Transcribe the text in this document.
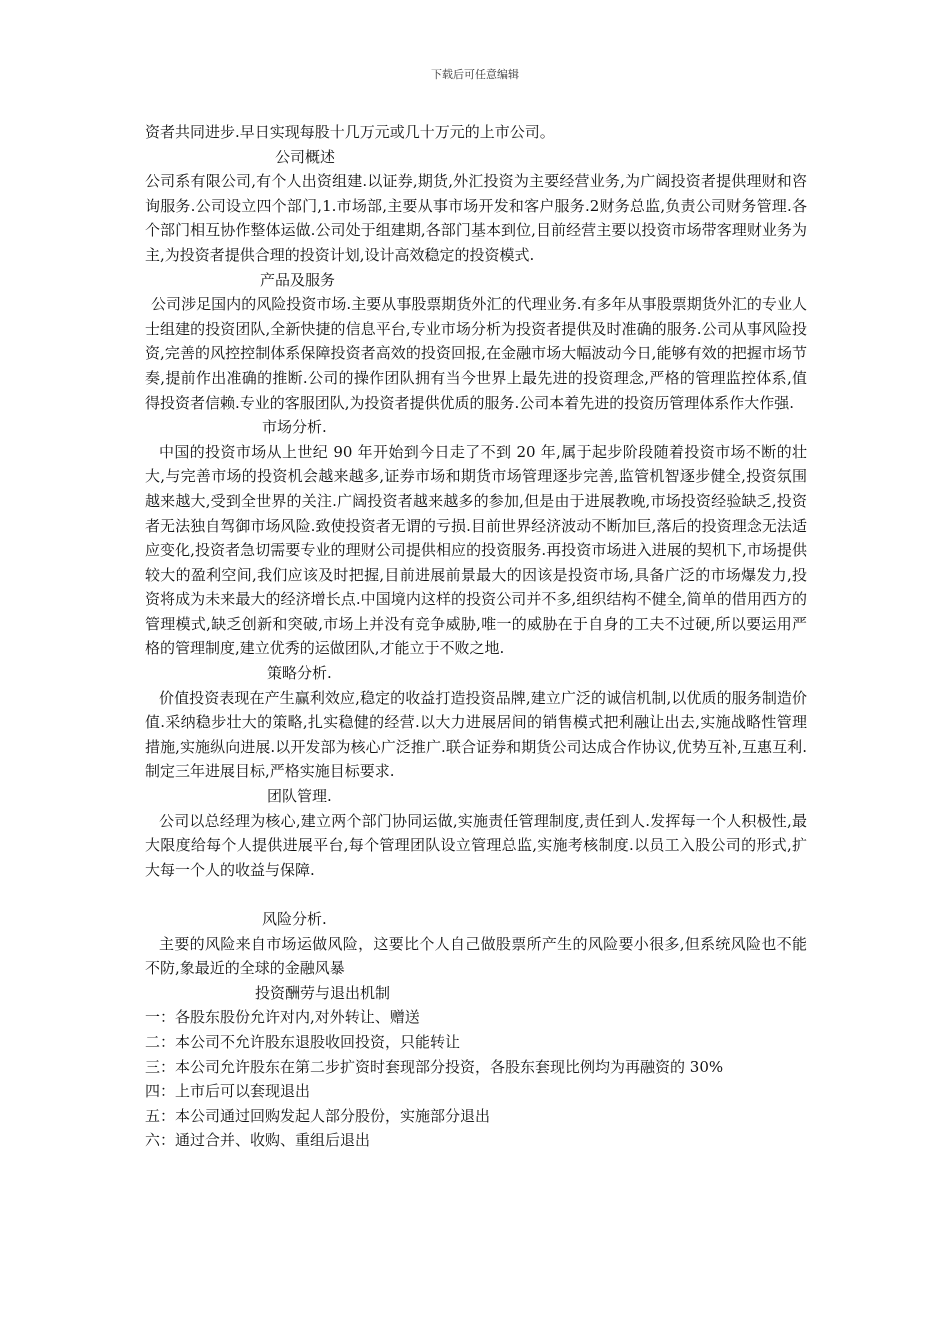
下载后可任意编辑

资者共同进步.早日实现每股十几万元或几十万元的上市公司。

公司概述

公司系有限公司,有个人出资组建.以证券,期货,外汇投资为主要经营业务,为广阔投资者提供理财和咨询服务.公司设立四个部门,1.市场部,主要从事市场开发和客户服务.2财务总监,负责公司财务管理.各个部门相互协作整体运做.公司处于组建期,各部门基本到位,目前经营主要以投资市场带客理财业务为主,为投资者提供合理的投资计划,设计高效稳定的投资模式.

产品及服务

公司涉足国内的风险投资市场.主要从事股票期货外汇的代理业务.有多年从事股票期货外汇的专业人士组建的投资团队,全新快捷的信息平台,专业市场分析为投资者提供及时准确的服务.公司从事风险投资,完善的风控控制体系保障投资者高效的投资回报,在金融市场大幅波动今日,能够有效的把握市场节奏,提前作出准确的推断.公司的操作团队拥有当今世界上最先进的投资理念,严格的管理监控体系,值得投资者信赖.专业的客服团队,为投资者提供优质的服务.公司本着先进的投资历管理体系作大作强.

市场分析.

中国的投资市场从上世纪 90 年开始到今日走了不到 20 年,属于起步阶段随着投资市场不断的壮大,与完善市场的投资机会越来越多,证券市场和期货市场管理逐步完善,监管机智逐步健全,投资氛围越来越大,受到全世界的关注.广阔投资者越来越多的参加,但是由于进展教晚,市场投资经验缺乏,投资者无法独自驾御市场风险.致使投资者无谓的亏损.目前世界经济波动不断加巨,落后的投资理念无法适应变化,投资者急切需要专业的理财公司提供相应的投资服务.再投资市场进入进展的契机下,市场提供较大的盈利空间,我们应该及时把握,目前进展前景最大的因该是投资市场,具备广泛的市场爆发力,投资将成为未来最大的经济增长点.中国境内这样的投资公司并不多,组织结构不健全,简单的借用西方的管理模式,缺乏创新和突破,市场上并没有竞争威胁,唯一的威胁在于自身的工夫不过硬,所以要运用严格的管理制度,建立优秀的运做团队,才能立于不败之地.

策略分析.

价值投资表现在产生赢利效应,稳定的收益打造投资品牌,建立广泛的诚信机制,以优质的服务制造价值.采纳稳步壮大的策略,扎实稳健的经营.以大力进展居间的销售模式把利融让出去,实施战略性管理措施,实施纵向进展.以开发部为核心广泛推广.联合证券和期货公司达成合作协议,优势互补,互惠互利.制定三年进展目标,严格实施目标要求.

团队管理.

公司以总经理为核心,建立两个部门协同运做,实施责任管理制度,责任到人.发挥每一个人积极性,最大限度给每个人提供进展平台,每个管理团队设立管理总监,实施考核制度.以员工入股公司的形式,扩大每一个人的收益与保障.

风险分析.

主要的风险来自市场运做风险，这要比个人自己做股票所产生的风险要小很多,但系统风险也不能不防,象最近的全球的金融风暴

投资酬劳与退出机制

一：各股东股份允许对内,对外转让、赠送

二：本公司不允许股东退股收回投资，只能转让

三：本公司允许股东在第二步扩资时套现部分投资，各股东套现比例均为再融资的 30%

四：上市后可以套现退出

五：本公司通过回购发起人部分股份，实施部分退出

六：通过合并、收购、重组后退出
